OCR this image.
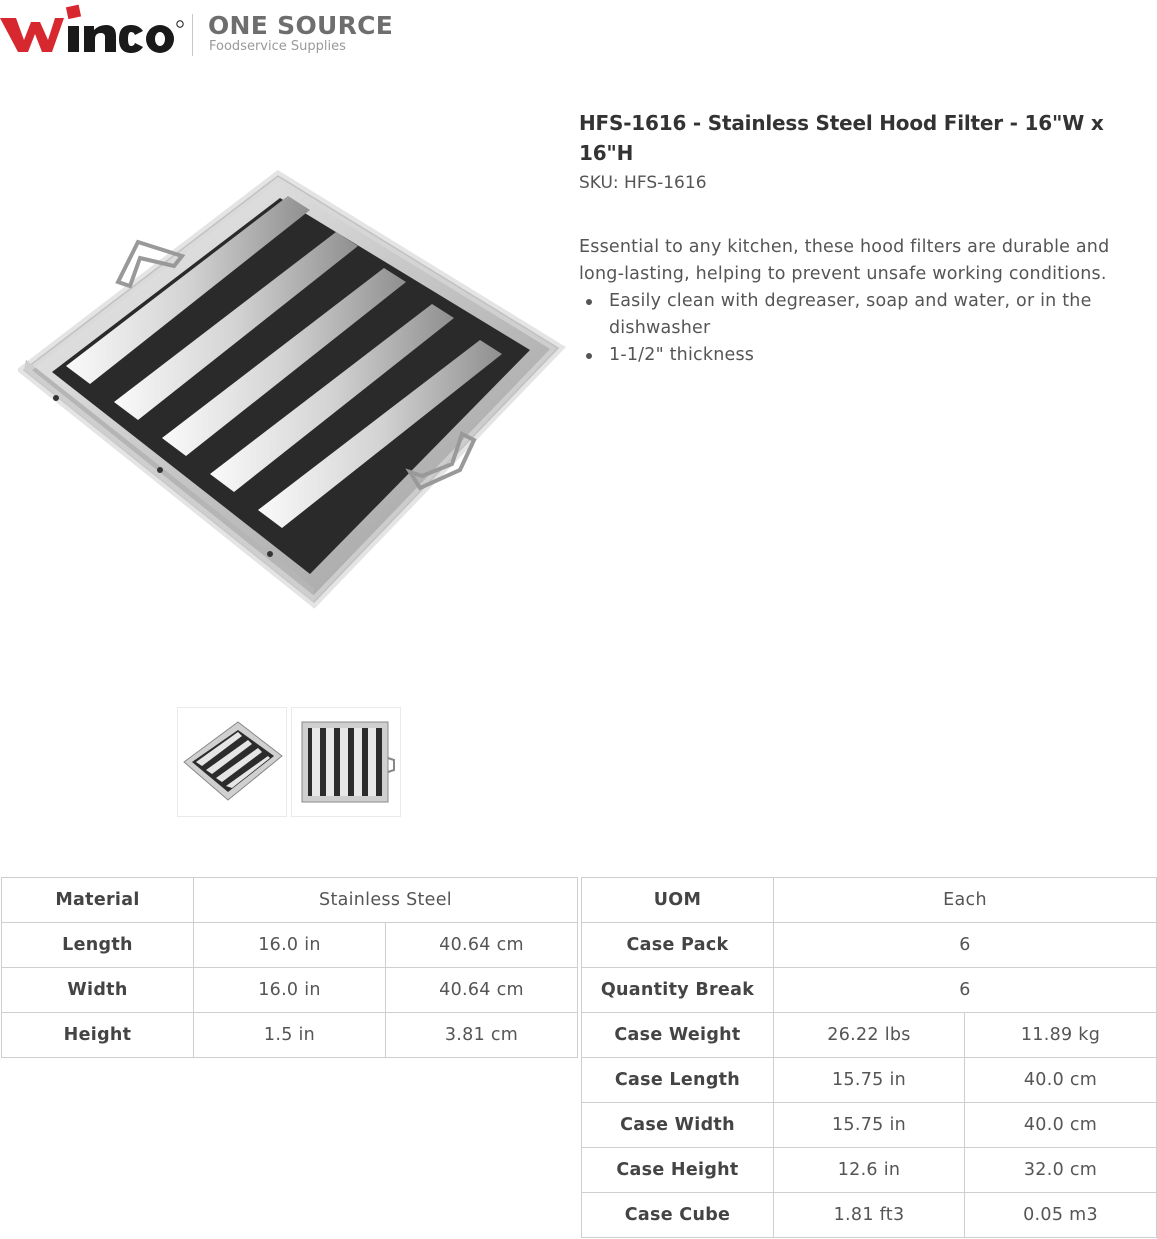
ONE SOURCE
Foodservice Supplies
HFS-1616 - Stainless Steel Hood Filter - 16"W x 16"H
SKU: HFS-1616
Essential to any kitchen, these hood filters are durable and long-lasting, helping to prevent unsafe working conditions.
Easily clean with degreaser, soap and water, or in the dishwasher
1-1/2" thickness
Material	Stainless Steel	
Length	16.0 in	40.64 cm
Width	16.0 in	40.64 cm
Height	1.5 in	3.81 cm
UOM	Each	
Case Pack	6	
Quantity Break	6	
Case Weight	26.22 lbs	11.89 kg
Case Length	15.75 in	40.0 cm
Case Width	15.75 in	40.0 cm
Case Height	12.6 in	32.0 cm
Case Cube	1.81 ft3	0.05 m3
